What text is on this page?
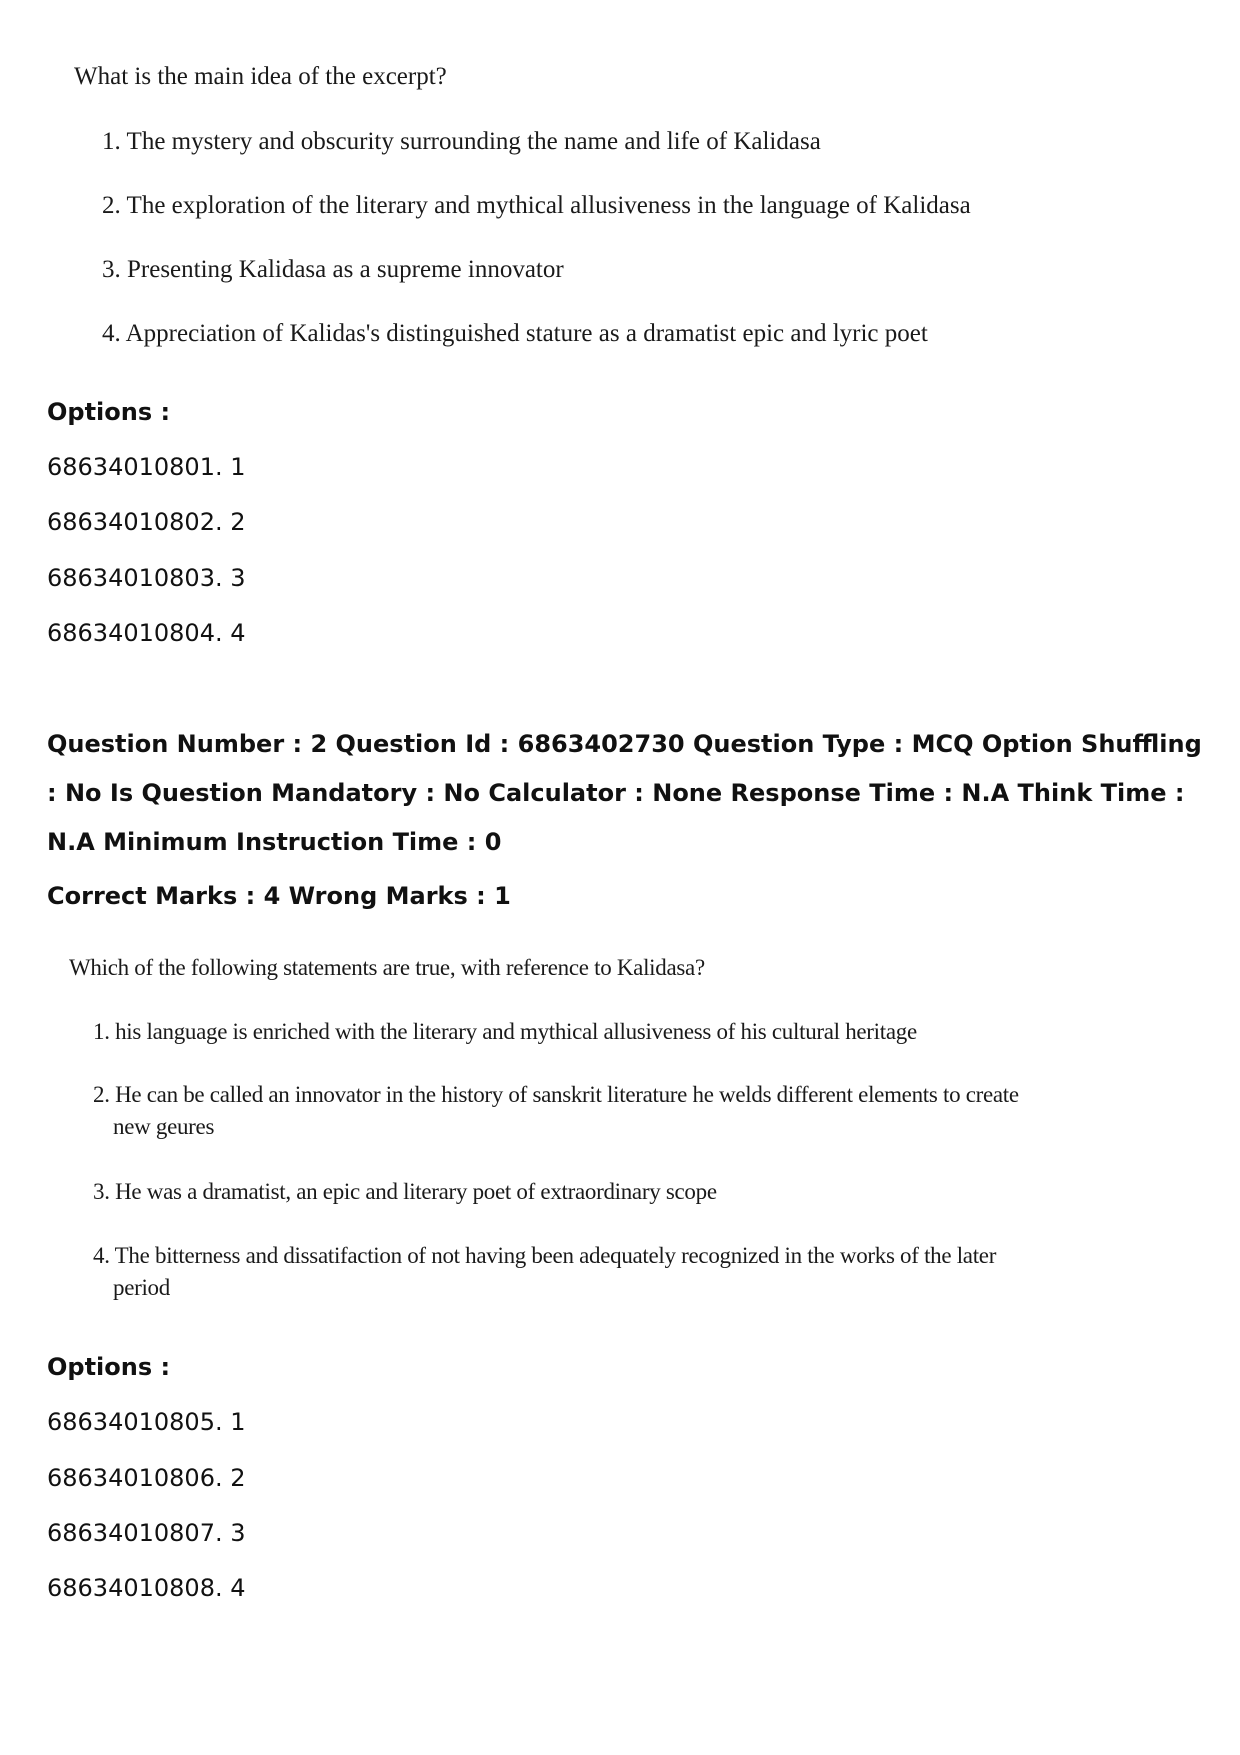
What is the main idea of the excerpt?
1. The mystery and obscurity surrounding the name and life of Kalidasa
2. The exploration of the literary and mythical allusiveness in the language of Kalidasa
3. Presenting Kalidasa as a supreme innovator
4. Appreciation of Kalidas's distinguished stature as a dramatist epic and lyric poet
Options :
68634010801. 1
68634010802. 2
68634010803. 3
68634010804. 4
Question Number : 2 Question Id : 6863402730 Question Type : MCQ Option Shuffling : No Is Question Mandatory : No Calculator : None Response Time : N.A Think Time : N.A Minimum Instruction Time : 0
Correct Marks : 4 Wrong Marks : 1
Which of the following statements are true, with reference to Kalidasa?
1. his language is enriched with the literary and mythical allusiveness of his cultural heritage
2. He can be called an innovator in the history of sanskrit literature he welds different elements to create
new geures
3. He was a dramatist, an epic and literary poet of extraordinary scope
4. The bitterness and dissatifaction of not having been adequately recognized in the works of the later
period
Options :
68634010805. 1
68634010806. 2
68634010807. 3
68634010808. 4
